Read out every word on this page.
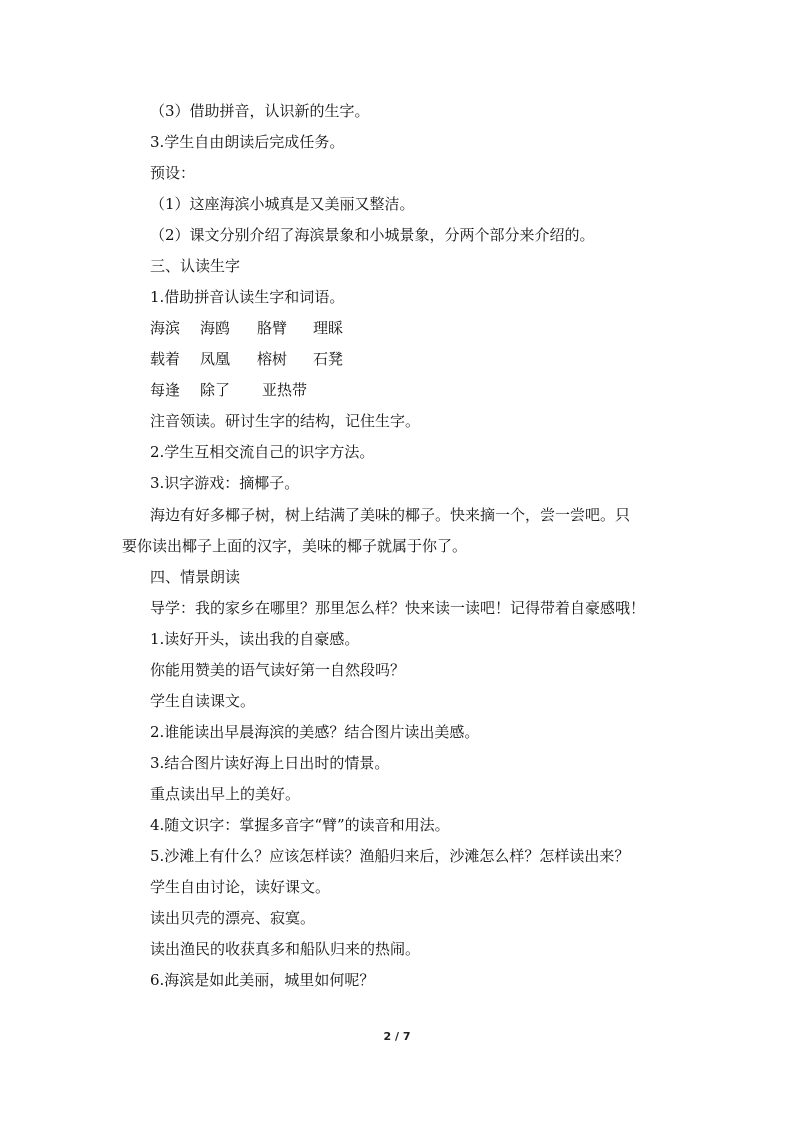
（3）借助拼音，认识新的生字。
3.学生自由朗读后完成任务。
预设：
（1）这座海滨小城真是又美丽又整洁。
（2）课文分别介绍了海滨景象和小城景象，分两个部分来介绍的。
三、认读生字
1.借助拼音认读生字和词语。
海滨 海鸥 胳臂 理睬
载着 凤凰 榕树 石凳
每逢 除了 亚热带
注音领读。研讨生字的结构，记住生字。
2.学生互相交流自己的识字方法。
3.识字游戏：摘椰子。
海边有好多椰子树，树上结满了美味的椰子。快来摘一个，尝一尝吧。只
要你读出椰子上面的汉字，美味的椰子就属于你了。
四、情景朗读
导学：我的家乡在哪里？那里怎么样？快来读一读吧！记得带着自豪感哦！
1.读好开头，读出我的自豪感。
你能用赞美的语气读好第一自然段吗？
学生自读课文。
2.谁能读出早晨海滨的美感？结合图片读出美感。
3.结合图片读好海上日出时的情景。
重点读出早上的美好。
4.随文识字：掌握多音字“臂”的读音和用法。
5.沙滩上有什么？应该怎样读？渔船归来后，沙滩怎么样？怎样读出来？
学生自由讨论，读好课文。
读出贝壳的漂亮、寂寞。
读出渔民的收获真多和船队归来的热闹。
6.海滨是如此美丽，城里如何呢？
2 / 7
